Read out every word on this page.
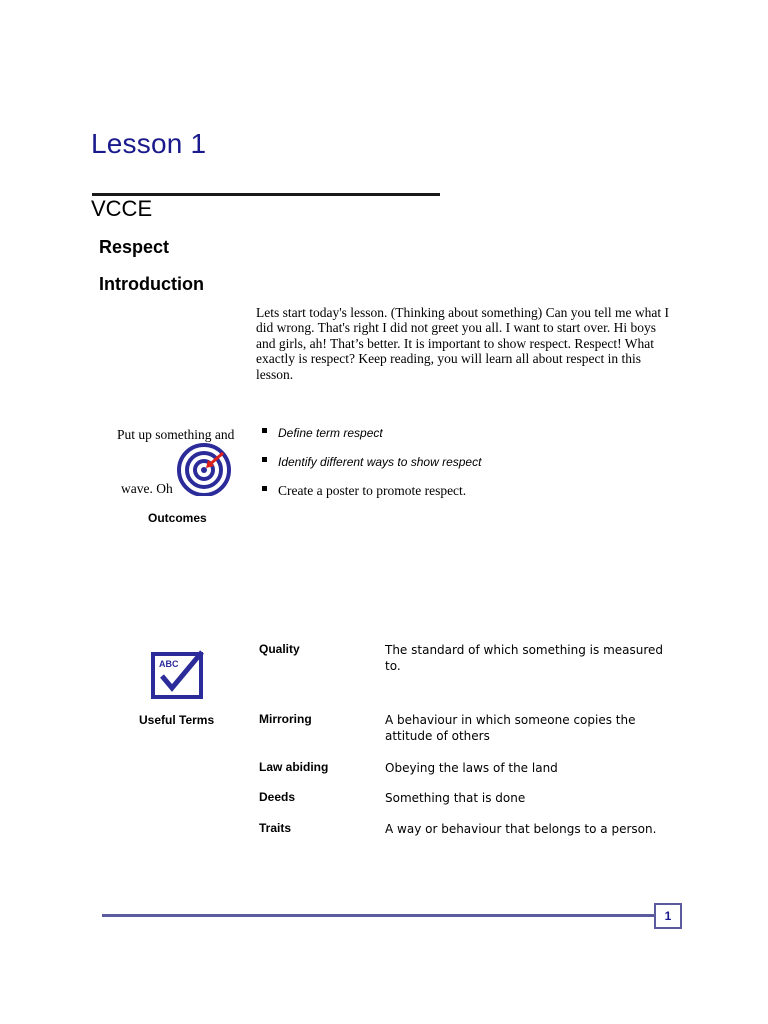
Lesson 1
VCCE
Respect
Introduction
Lets start today's lesson. (Thinking about something) Can you tell me what I did wrong. That's right I did not greet you all. I want to start over. Hi boys and girls, ah! That’s better. It is important to show respect. Respect! What exactly is respect? Keep reading, you will learn all about respect in this lesson.
Put up something and
wave. Oh
Outcomes
Define term respect
Identify different ways to show respect
Create a poster to promote respect.
ABC
Useful Terms
Quality	The standard of which something is measured to.
Mirroring	A behaviour in which someone copies the attitude of others
Law abiding	Obeying the laws of the land
Deeds	Something that is done
Traits	A way or behaviour that belongs to a person.
1
